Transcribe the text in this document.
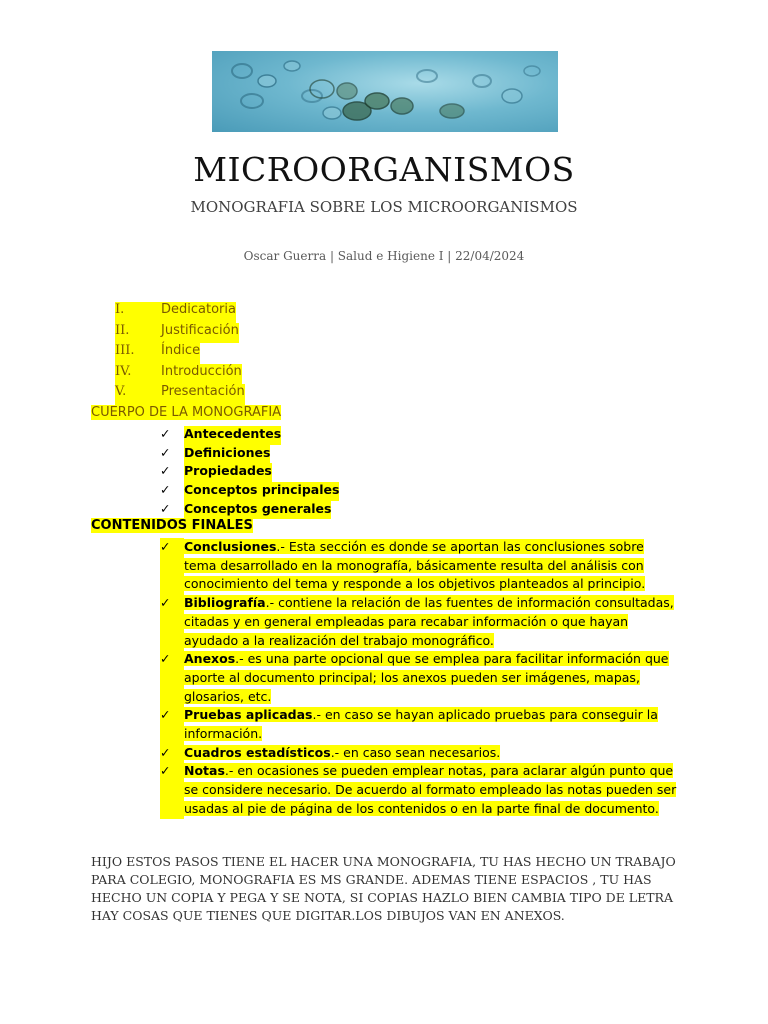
MICROORGANISMOS
MONOGRAFIA SOBRE LOS MICROORGANISMOS
Oscar Guerra | Salud e Higiene I | 22/04/2024
I.	Dedicatoria
II.	Justificación
III.	Índice
IV.	Introducción
V.	Presentación
CUERPO DE LA MONOGRAFIA
✓	Antecedentes
✓	Definiciones
✓	Propiedades
✓	Conceptos principales
✓	Conceptos generales
CONTENIDOS FINALES
✓	Conclusiones.- Esta sección es donde se aportan las conclusiones sobre tema desarrollado en la monografía, básicamente resulta del análisis con conocimiento del tema y responde a los objetivos planteados al principio.
✓	Bibliografía.- contiene la relación de las fuentes de información consultadas, citadas y en general empleadas para recabar información o que hayan ayudado a la realización del trabajo monográfico.
✓	Anexos.- es una parte opcional que se emplea para facilitar información que aporte al documento principal; los anexos pueden ser imágenes, mapas, glosarios, etc.
✓	Pruebas aplicadas.- en caso se hayan aplicado pruebas para conseguir la información.
✓	Cuadros estadísticos.- en caso sean necesarios.
✓	Notas.- en ocasiones se pueden emplear notas, para aclarar algún punto que se considere necesario. De acuerdo al formato empleado las notas pueden ser usadas al pie de página de los contenidos o en la parte final de documento.
HIJO ESTOS PASOS TIENE EL HACER UNA MONOGRAFIA, TU HAS HECHO UN TRABAJO PARA COLEGIO, MONOGRAFIA ES MS GRANDE. ADEMAS TIENE ESPACIOS , TU HAS HECHO UN COPIA Y PEGA Y SE NOTA, SI COPIAS HAZLO BIEN CAMBIA TIPO DE LETRA HAY COSAS QUE TIENES QUE DIGITAR.LOS DIBUJOS VAN EN ANEXOS.
